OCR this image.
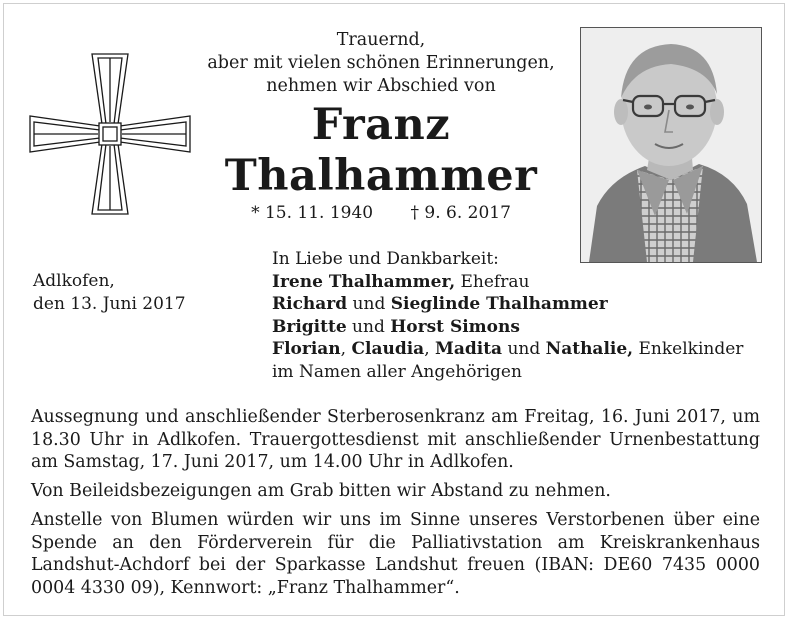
Trauernd,
aber mit vielen schönen Erinnerungen,
nehmen wir Abschied von
Franz
Thalhammer
* 15. 11. 1940 † 9. 6. 2017
Adlkofen,
den 13. Juni 2017
In Liebe und Dankbarkeit:
Irene Thalhammer, Ehefrau
Richard und Sieglinde Thalhammer
Brigitte und Horst Simons
Florian, Claudia, Madita und Nathalie, Enkelkinder
im Namen aller Angehörigen
Aussegnung und anschließender Sterberosenkranz am Freitag, 16. Juni 2017, um 18.30 Uhr in Adlkofen. Trauergottesdienst mit anschließender Urnenbestattung am Samstag, 17. Juni 2017, um 14.00 Uhr in Adlkofen.
Von Beileidsbezeigungen am Grab bitten wir Abstand zu nehmen.
Anstelle von Blumen würden wir uns im Sinne unseres Verstorbenen über eine Spende an den Förderverein für die Palliativstation am Kreiskrankenhaus Landshut-Achdorf bei der Sparkasse Landshut freuen (IBAN: DE60 7435 0000 0004 4330 09), Kennwort: „Franz Thalhammer“.
